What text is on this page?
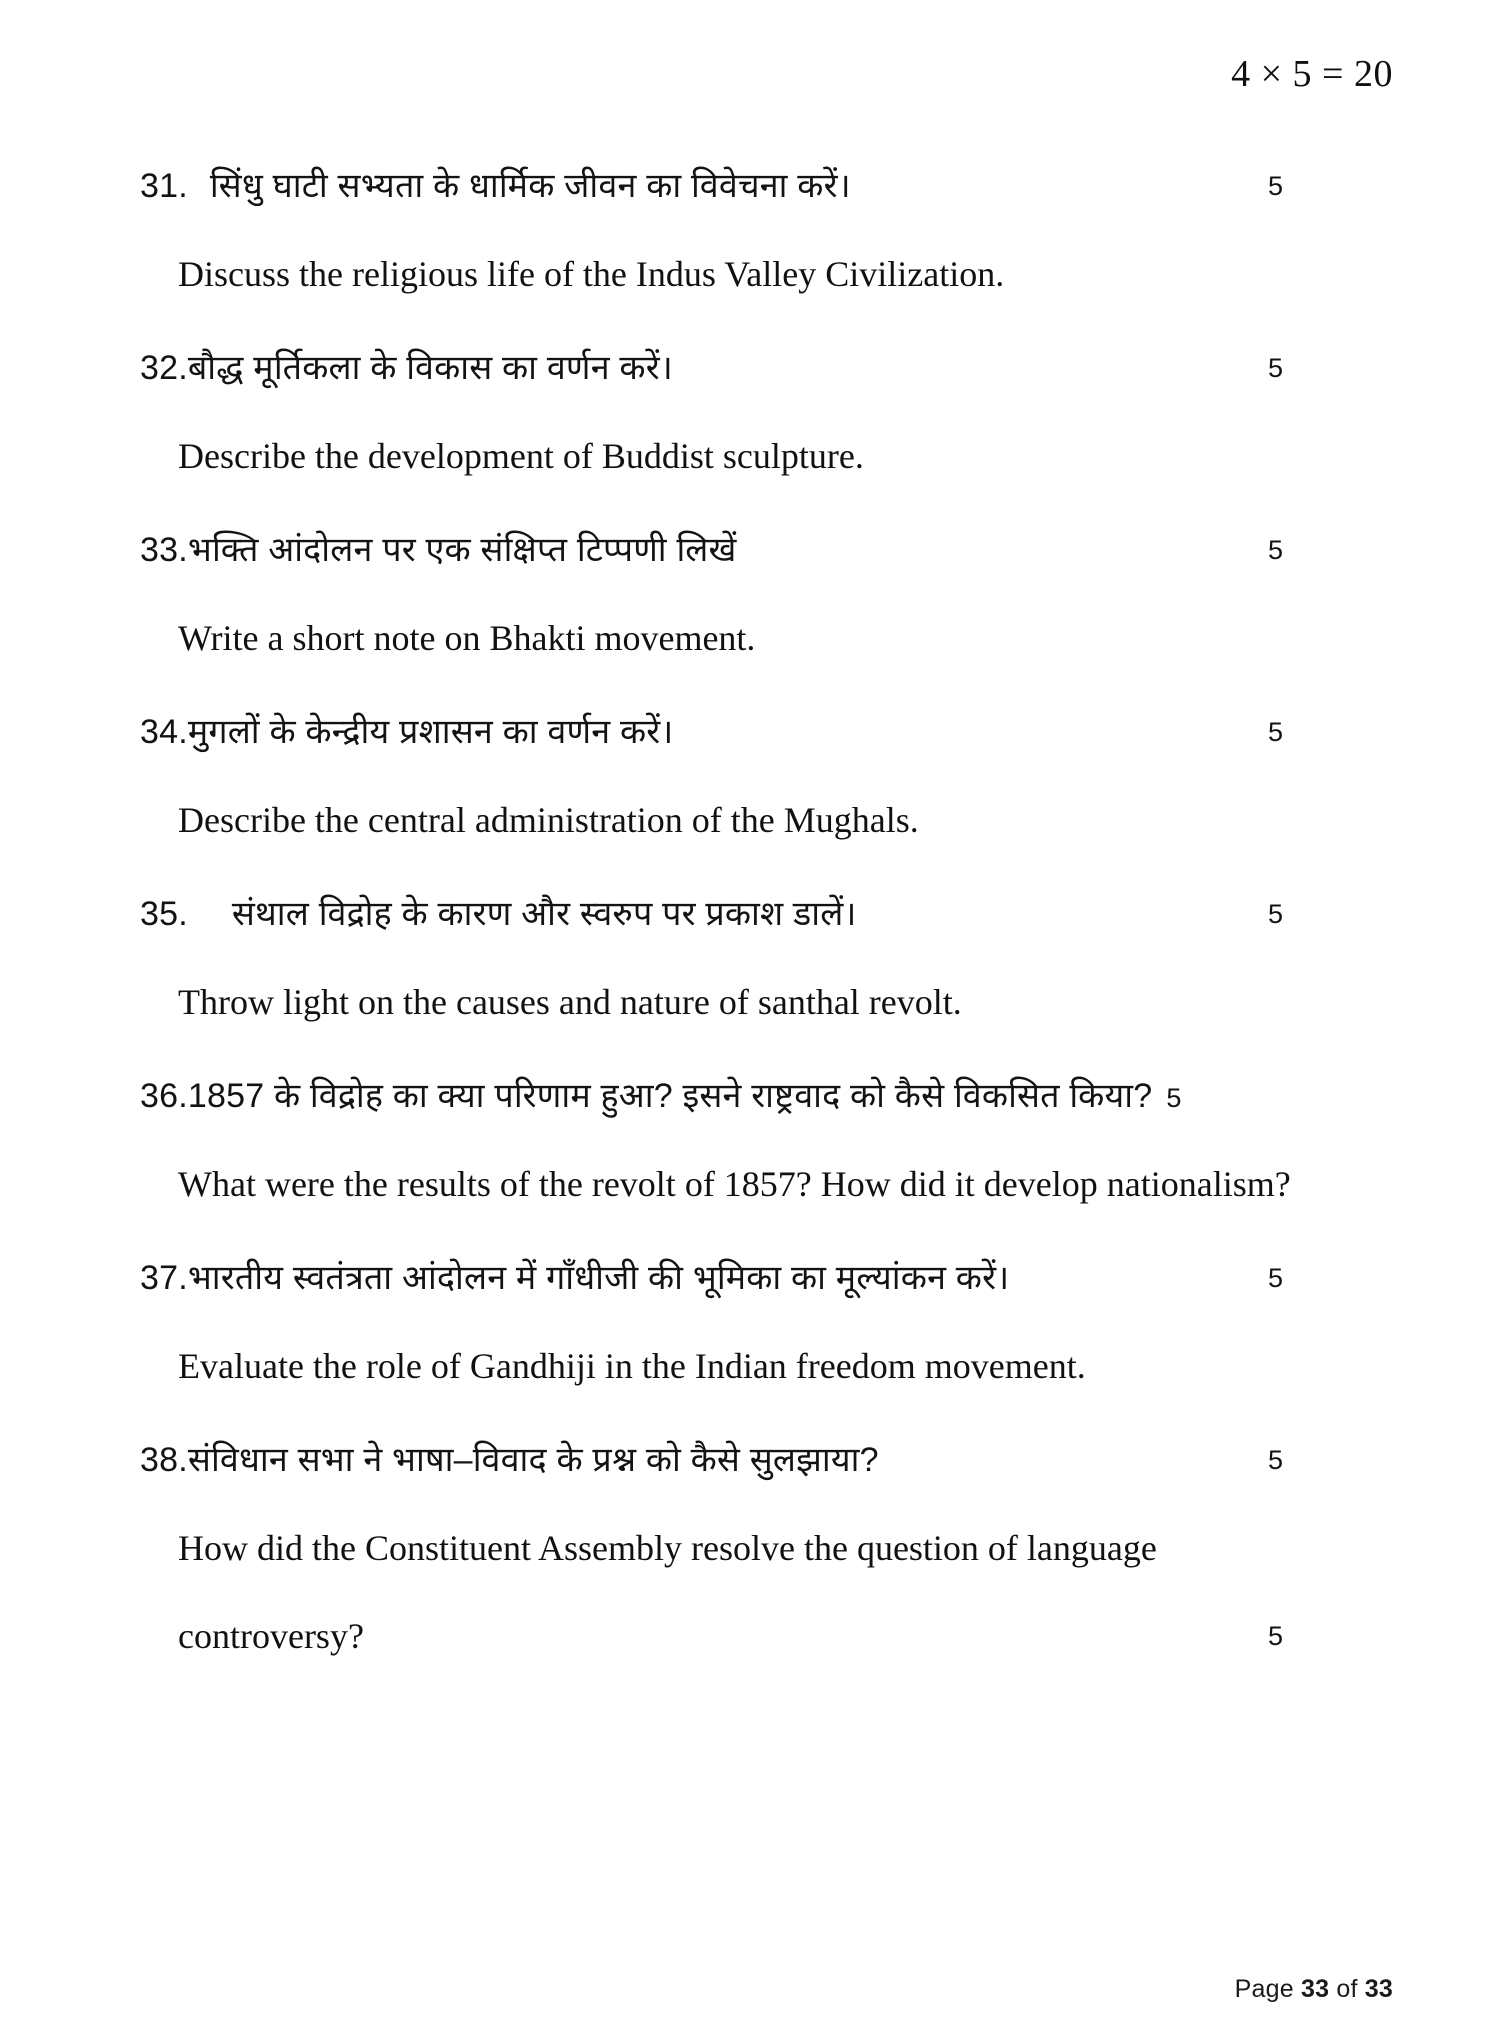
4 × 5 = 20
31. सिंधु घाटी सभ्यता के धार्मिक जीवन का विवेचना करें।	5
Discuss the religious life of the Indus Valley Civilization.
32.बौद्ध मूर्तिकला के विकास का वर्णन करें।	5
Describe the development of Buddist sculpture.
33.भक्ति आंदोलन पर एक संक्षिप्त टिप्पणी लिखें	5
Write a short note on Bhakti movement.
34.मुगलों के केन्द्रीय प्रशासन का वर्णन करें।	5
Describe the central administration of the Mughals.
35. संथाल विद्रोह के कारण और स्वरुप पर प्रकाश डालें।	5
Throw light on the causes and nature of santhal revolt.
36.1857 के विद्रोह का क्या परिणाम हुआ? इसने राष्ट्रवाद को कैसे विकसित किया? 5
What were the results of the revolt of 1857? How did it develop nationalism?
37.भारतीय स्वतंत्रता आंदोलन में गाँधीजी की भूमिका का मूल्यांकन करें।	5
Evaluate the role of Gandhiji in the Indian freedom movement.
38.संविधान सभा ने भाषा–विवाद के प्रश्न को कैसे सुलझाया?	5
How did the Constituent Assembly resolve the question of language
controversy?	5
Page 33 of 33
